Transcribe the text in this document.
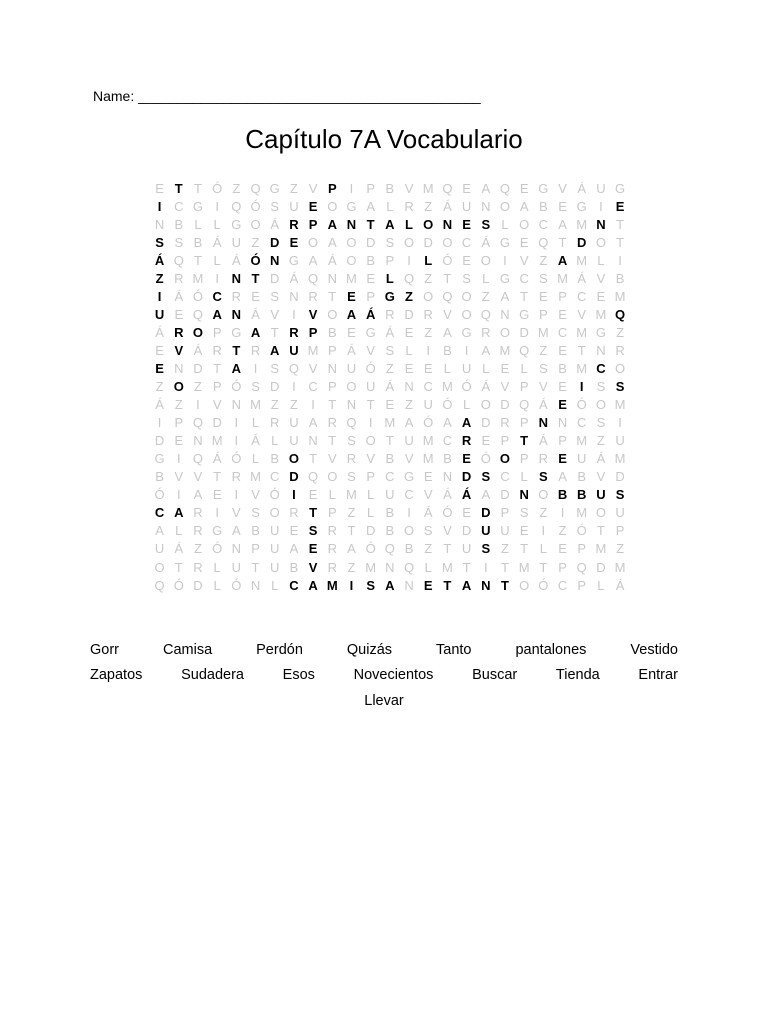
Name: ____________________________________________
Capítulo 7A Vocabulario
E T T Ó Z Q G Z V P	I	P B V M Q E A Q E G V Á U G
I C G I Q Ó S U E O G A L R Z Á U N O A B E G I	E
N B L L G O Á R P A N T A L O N E S L O C A M N T
S S B Á U Z D E O A O D S O D O C Á G E Q T D O T
Á Q T L Á Ó N G A Á O B P	I	L Ó E O I	V Z A M L	I
Z R M I N T D Á Q N M E L Q Z T S L G C S M Á V B
I	Á Ó C R E S N R T E P G Z O Q O Z A T E P C E M
U E Q A N Á V	I	V O A Á R D R V O Q N G P E V M Q
Á R O P G A T R P B E G Á E Z A G R O D M C M G Z
E V Á R T R A U M P Á V S L	I	B	I	A M Q Z E T N R
E N D T A I	S Q V N U Ó Z E E L U L E L S B M C O
Z O Z P Ó S D I C P O U Á N C M Ó Á V P V E	I	S S
Á Z	I	V N M Z Z	I	T N T E Z U Ó L O D Q Á E Ó O M
I	P Q D I	L R U A R Q I M A Ó A A D R P N N C S	I
D E N M I	Á L U N T S O T U M C R E P T Á P M Z U
G I Q Á Ó L B O T V R V B V M B E Ó O P R E U Á M
B V V T R M C D Q O S P C G E N D S C L S A B V D
Ó I	A E	I	V Ó I	E L M L U C V Á Á A D N O B B U S
C A R I	V S O R T P Z L B	I	Á Ó E D P S Z	I M O U
A L R G A B U E S R T D B O S V D U U E	I	Z Ó T P
U Á Z Ó N P U A E R A Ó Q B Z T U S Z T L E P M Z
O T R L U T U B V R Z M N Q L M T	I	T M T P Q D M
Q Ó D L Ó N L C A M I	S A N E T A N T O Ó C P L Á
Gorr	Camisa	Perdón	Quizás	Tanto	pantalones	Vestido
Zapatos	Sudadera	Esos	Novecientos	Buscar	Tienda	Entrar
Llevar
